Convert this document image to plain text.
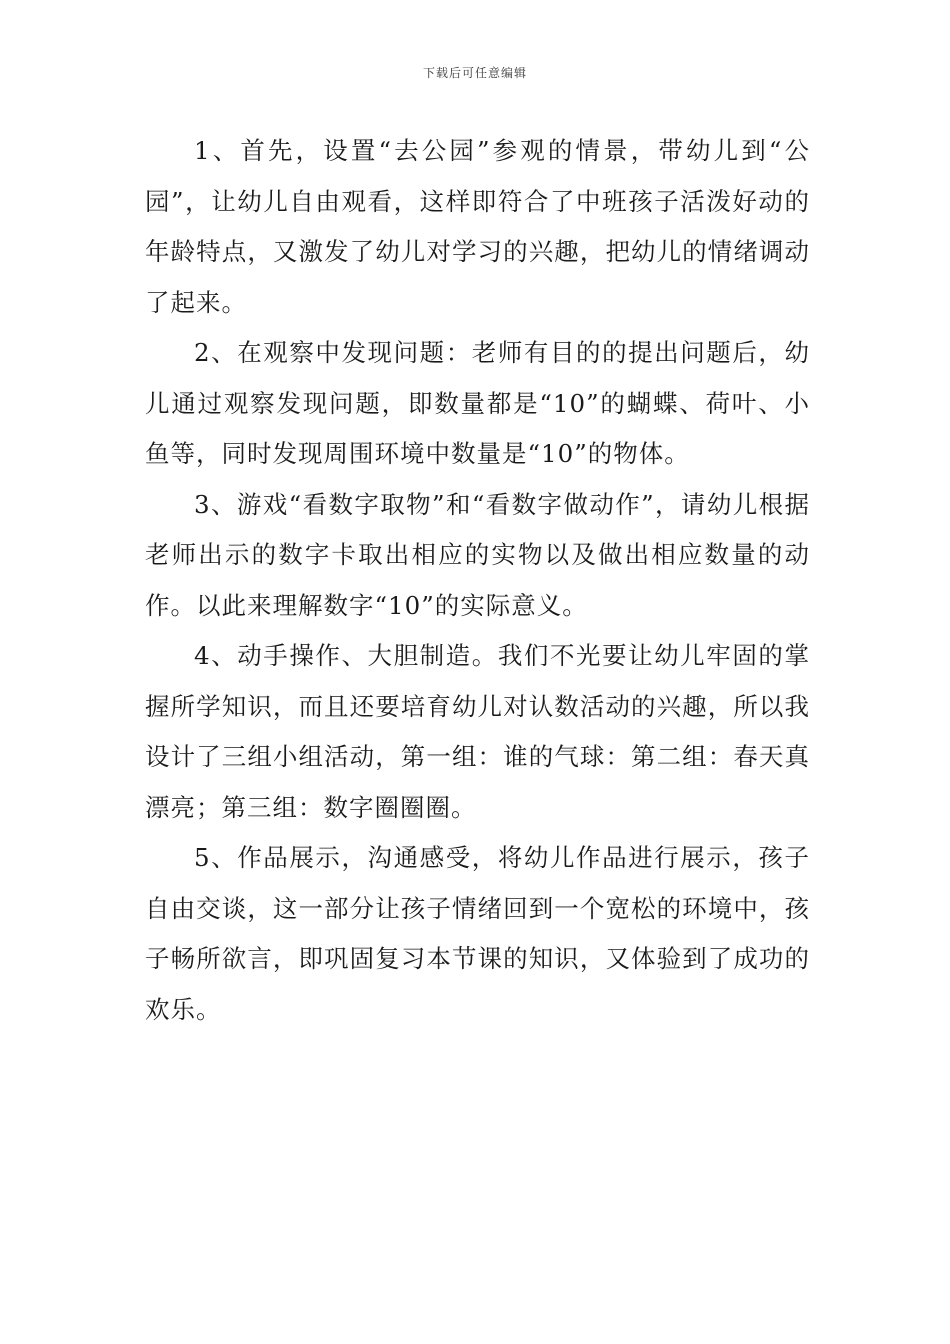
下载后可任意编辑

1、首先，设置“去公园”参观的情景，带幼儿到“公园”，让幼儿自由观看，这样即符合了中班孩子活泼好动的年龄特点，又激发了幼儿对学习的兴趣，把幼儿的情绪调动了起来。

2、在观察中发现问题：老师有目的的提出问题后，幼儿通过观察发现问题，即数量都是“10”的蝴蝶、荷叶、小鱼等，同时发现周围环境中数量是“10”的物体。

3、游戏“看数字取物”和“看数字做动作”，请幼儿根据老师出示的数字卡取出相应的实物以及做出相应数量的动作。以此来理解数字“10”的实际意义。

4、动手操作、大胆制造。我们不光要让幼儿牢固的掌握所学知识，而且还要培育幼儿对认数活动的兴趣，所以我设计了三组小组活动，第一组：谁的气球：第二组：春天真漂亮；第三组：数字圈圈圈。

5、作品展示，沟通感受，将幼儿作品进行展示，孩子自由交谈，这一部分让孩子情绪回到一个宽松的环境中，孩子畅所欲言，即巩固复习本节课的知识，又体验到了成功的欢乐。
